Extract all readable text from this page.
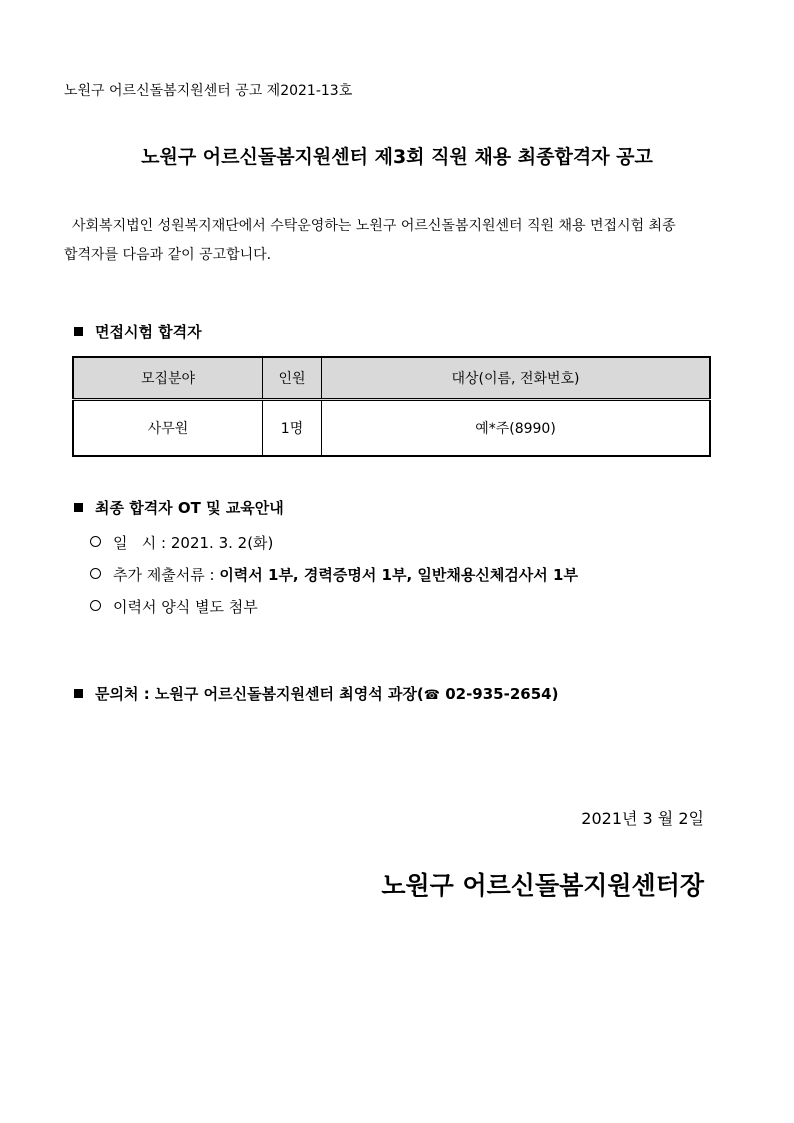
노원구 어르신돌봄지원센터 공고 제2021-13호
노원구 어르신돌봄지원센터 제3회 직원 채용 최종합격자 공고

사회복지법인 성원복지재단에서 수탁운영하는 노원구 어르신돌봄지원센터 직원 채용 면접시험 최종

합격자를 다음과 같이 공고합니다.

면접시험 합격자
모집분야	인원	대상(이름, 전화번호)
사무원	1명	예*주(8990)
최종 합격자 OT 및 교육안내
일   시 : 2021. 3. 2(화)
추가 제출서류 : 이력서 1부, 경력증명서 1부, 일반채용신체검사서 1부
이력서 양식 별도 첨부
문의처 : 노원구 어르신돌봄지원센터 최영석 과장(☎ 02-935-2654)
2021년 3 월 2일
노원구 어르신돌봄지원센터장
